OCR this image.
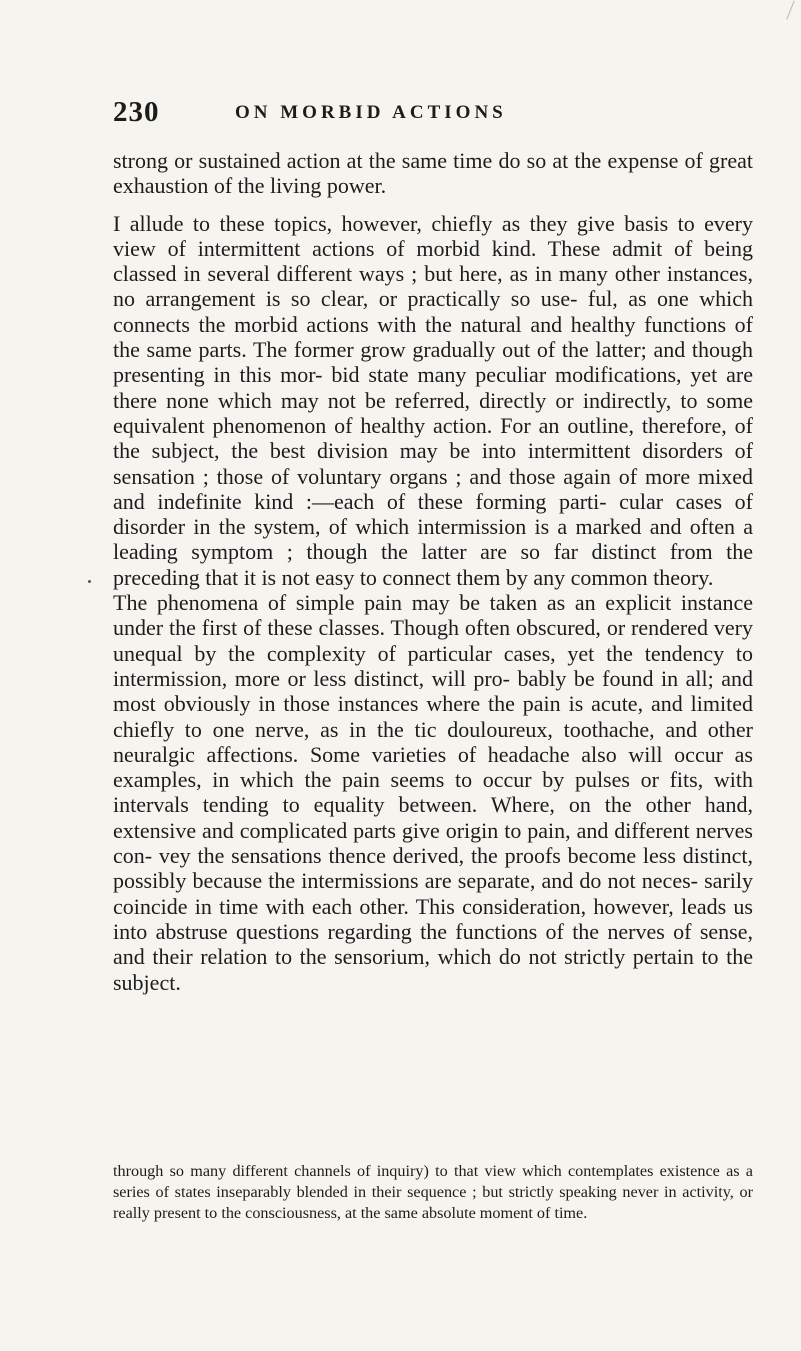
230	ON MORBID ACTIONS

strong or sustained action at the same time do so at the expense of great exhaustion of the living power.

I allude to these topics, however, chiefly as they give basis to every view of intermittent actions of morbid kind. These admit of being classed in several different ways ; but here, as in many other instances, no arrangement is so clear, or practically so use- ful, as one which connects the morbid actions with the natural and healthy functions of the same parts. The former grow gradually out of the latter; and though presenting in this mor- bid state many peculiar modifications, yet are there none which may not be referred, directly or indirectly, to some equivalent phenomenon of healthy action. For an outline, therefore, of the subject, the best division may be into intermittent disorders of sensation ; those of voluntary organs ; and those again of more mixed and indefinite kind :—each of these forming parti- cular cases of disorder in the system, of which intermission is a marked and often a leading symptom ; though the latter are so far distinct from the preceding that it is not easy to connect them by any common theory.

The phenomena of simple pain may be taken as an explicit instance under the first of these classes. Though often obscured, or rendered very unequal by the complexity of particular cases, yet the tendency to intermission, more or less distinct, will pro- bably be found in all; and most obviously in those instances where the pain is acute, and limited chiefly to one nerve, as in the tic douloureux, toothache, and other neuralgic affections. Some varieties of headache also will occur as examples, in which the pain seems to occur by pulses or fits, with intervals tending to equality between. Where, on the other hand, extensive and complicated parts give origin to pain, and different nerves con- vey the sensations thence derived, the proofs become less distinct, possibly because the intermissions are separate, and do not neces- sarily coincide in time with each other. This consideration, however, leads us into abstruse questions regarding the functions of the nerves of sense, and their relation to the sensorium, which do not strictly pertain to the subject.

through so many different channels of inquiry) to that view which contemplates existence as a series of states inseparably blended in their sequence ; but strictly speaking never in activity, or really present to the consciousness, at the same absolute moment of time.
